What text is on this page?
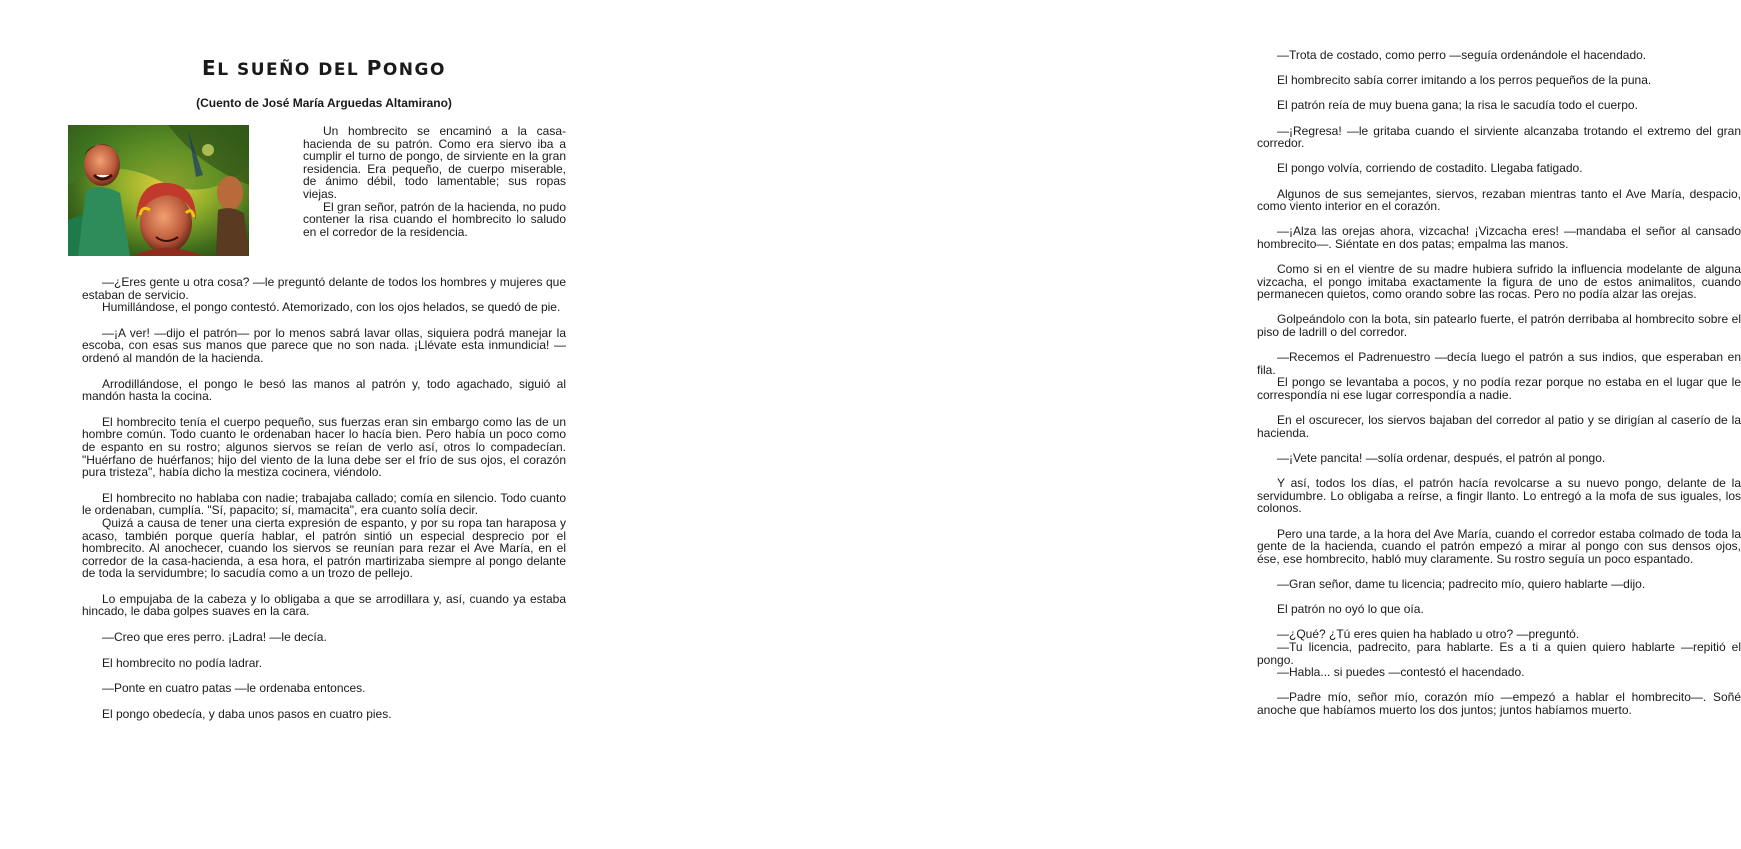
EL SUEÑO DEL PONGO
(Cuento de José María Arguedas Altamirano)

Un hombrecito se encaminó a la casa-hacienda de su patrón. Como era siervo iba a cumplir el turno de pongo, de sirviente en la gran residencia. Era pequeño, de cuerpo miserable, de ánimo débil, todo lamentable; sus ropas viejas.

El gran señor, patrón de la hacienda, no pudo contener la risa cuando el hombrecito lo saludo en el corredor de la residencia.

—¿Eres gente u otra cosa? —le preguntó delante de todos los hombres y mujeres que estaban de servicio.

Humillándose, el pongo contestó. Atemorizado, con los ojos helados, se quedó de pie.

—¡A ver! —dijo el patrón— por lo menos sabrá lavar ollas, siquiera podrá manejar la escoba, con esas sus manos que parece que no son nada. ¡Llévate esta inmundicia! —ordenó al mandón de la hacienda.

Arrodillándose, el pongo le besó las manos al patrón y, todo agachado, siguió al mandón hasta la cocina.

El hombrecito tenía el cuerpo pequeño, sus fuerzas eran sin embargo como las de un hombre común. Todo cuanto le ordenaban hacer lo hacía bien. Pero había un poco como de espanto en su rostro; algunos siervos se reían de verlo así, otros lo compadecían. "Huérfano de huérfanos; hijo del viento de la luna debe ser el frío de sus ojos, el corazón pura tristeza", había dicho la mestiza cocinera, viéndolo.

El hombrecito no hablaba con nadie; trabajaba callado; comía en silencio. Todo cuanto le ordenaban, cumplía. "Sí, papacito; sí, mamacita", era cuanto solía decir.

Quizá a causa de tener una cierta expresión de espanto, y por su ropa tan haraposa y acaso, también porque quería hablar, el patrón sintió un especial desprecio por el hombrecito. Al anochecer, cuando los siervos se reunían para rezar el Ave María, en el corredor de la casa-hacienda, a esa hora, el patrón martirizaba siempre al pongo delante de toda la servidumbre; lo sacudía como a un trozo de pellejo.

Lo empujaba de la cabeza y lo obligaba a que se arrodillara y, así, cuando ya estaba hincado, le daba golpes suaves en la cara.

—Creo que eres perro. ¡Ladra! —le decía.

El hombrecito no podía ladrar.

—Ponte en cuatro patas —le ordenaba entonces.

El pongo obedecía, y daba unos pasos en cuatro pies.

—Trota de costado, como perro —seguía ordenándole el hacendado.

El hombrecito sabía correr imitando a los perros pequeños de la puna.

El patrón reía de muy buena gana; la risa le sacudía todo el cuerpo.

—¡Regresa! —le gritaba cuando el sirviente alcanzaba trotando el extremo del gran corredor.

El pongo volvía, corriendo de costadito. Llegaba fatigado.

Algunos de sus semejantes, siervos, rezaban mientras tanto el Ave María, despacio, como viento interior en el corazón.

—¡Alza las orejas ahora, vizcacha! ¡Vizcacha eres! —mandaba el señor al cansado hombrecito—. Siéntate en dos patas; empalma las manos.

Como si en el vientre de su madre hubiera sufrido la influencia modelante de alguna vizcacha, el pongo imitaba exactamente la figura de uno de estos animalitos, cuando permanecen quietos, como orando sobre las rocas. Pero no podía alzar las orejas.

Golpeándolo con la bota, sin patearlo fuerte, el patrón derribaba al hombrecito sobre el piso de ladrill o del corredor.

—Recemos el Padrenuestro —decía luego el patrón a sus indios, que esperaban en fila.

El pongo se levantaba a pocos, y no podía rezar porque no estaba en el lugar que le correspondía ni ese lugar correspondía a nadie.

En el oscurecer, los siervos bajaban del corredor al patio y se dirigían al caserío de la hacienda.

—¡Vete pancita! —solía ordenar, después, el patrón al pongo.

Y así, todos los días, el patrón hacía revolcarse a su nuevo pongo, delante de la servidumbre. Lo obligaba a reírse, a fingir llanto. Lo entregó a la mofa de sus iguales, los colonos.

Pero una tarde, a la hora del Ave María, cuando el corredor estaba colmado de toda la gente de la hacienda, cuando el patrón empezó a mirar al pongo con sus densos ojos, ése, ese hombrecito, habló muy claramente. Su rostro seguía un poco espantado.

—Gran señor, dame tu licencia; padrecito mío, quiero hablarte —dijo.

El patrón no oyó lo que oía.

—¿Qué? ¿Tú eres quien ha hablado u otro? —preguntó.

—Tu licencia, padrecito, para hablarte. Es a ti a quien quiero hablarte —repitió el pongo.

—Habla... si puedes —contestó el hacendado.

—Padre mío, señor mío, corazón mío —empezó a hablar el hombrecito—. Soñé anoche que habíamos muerto los dos juntos; juntos habíamos muerto.
